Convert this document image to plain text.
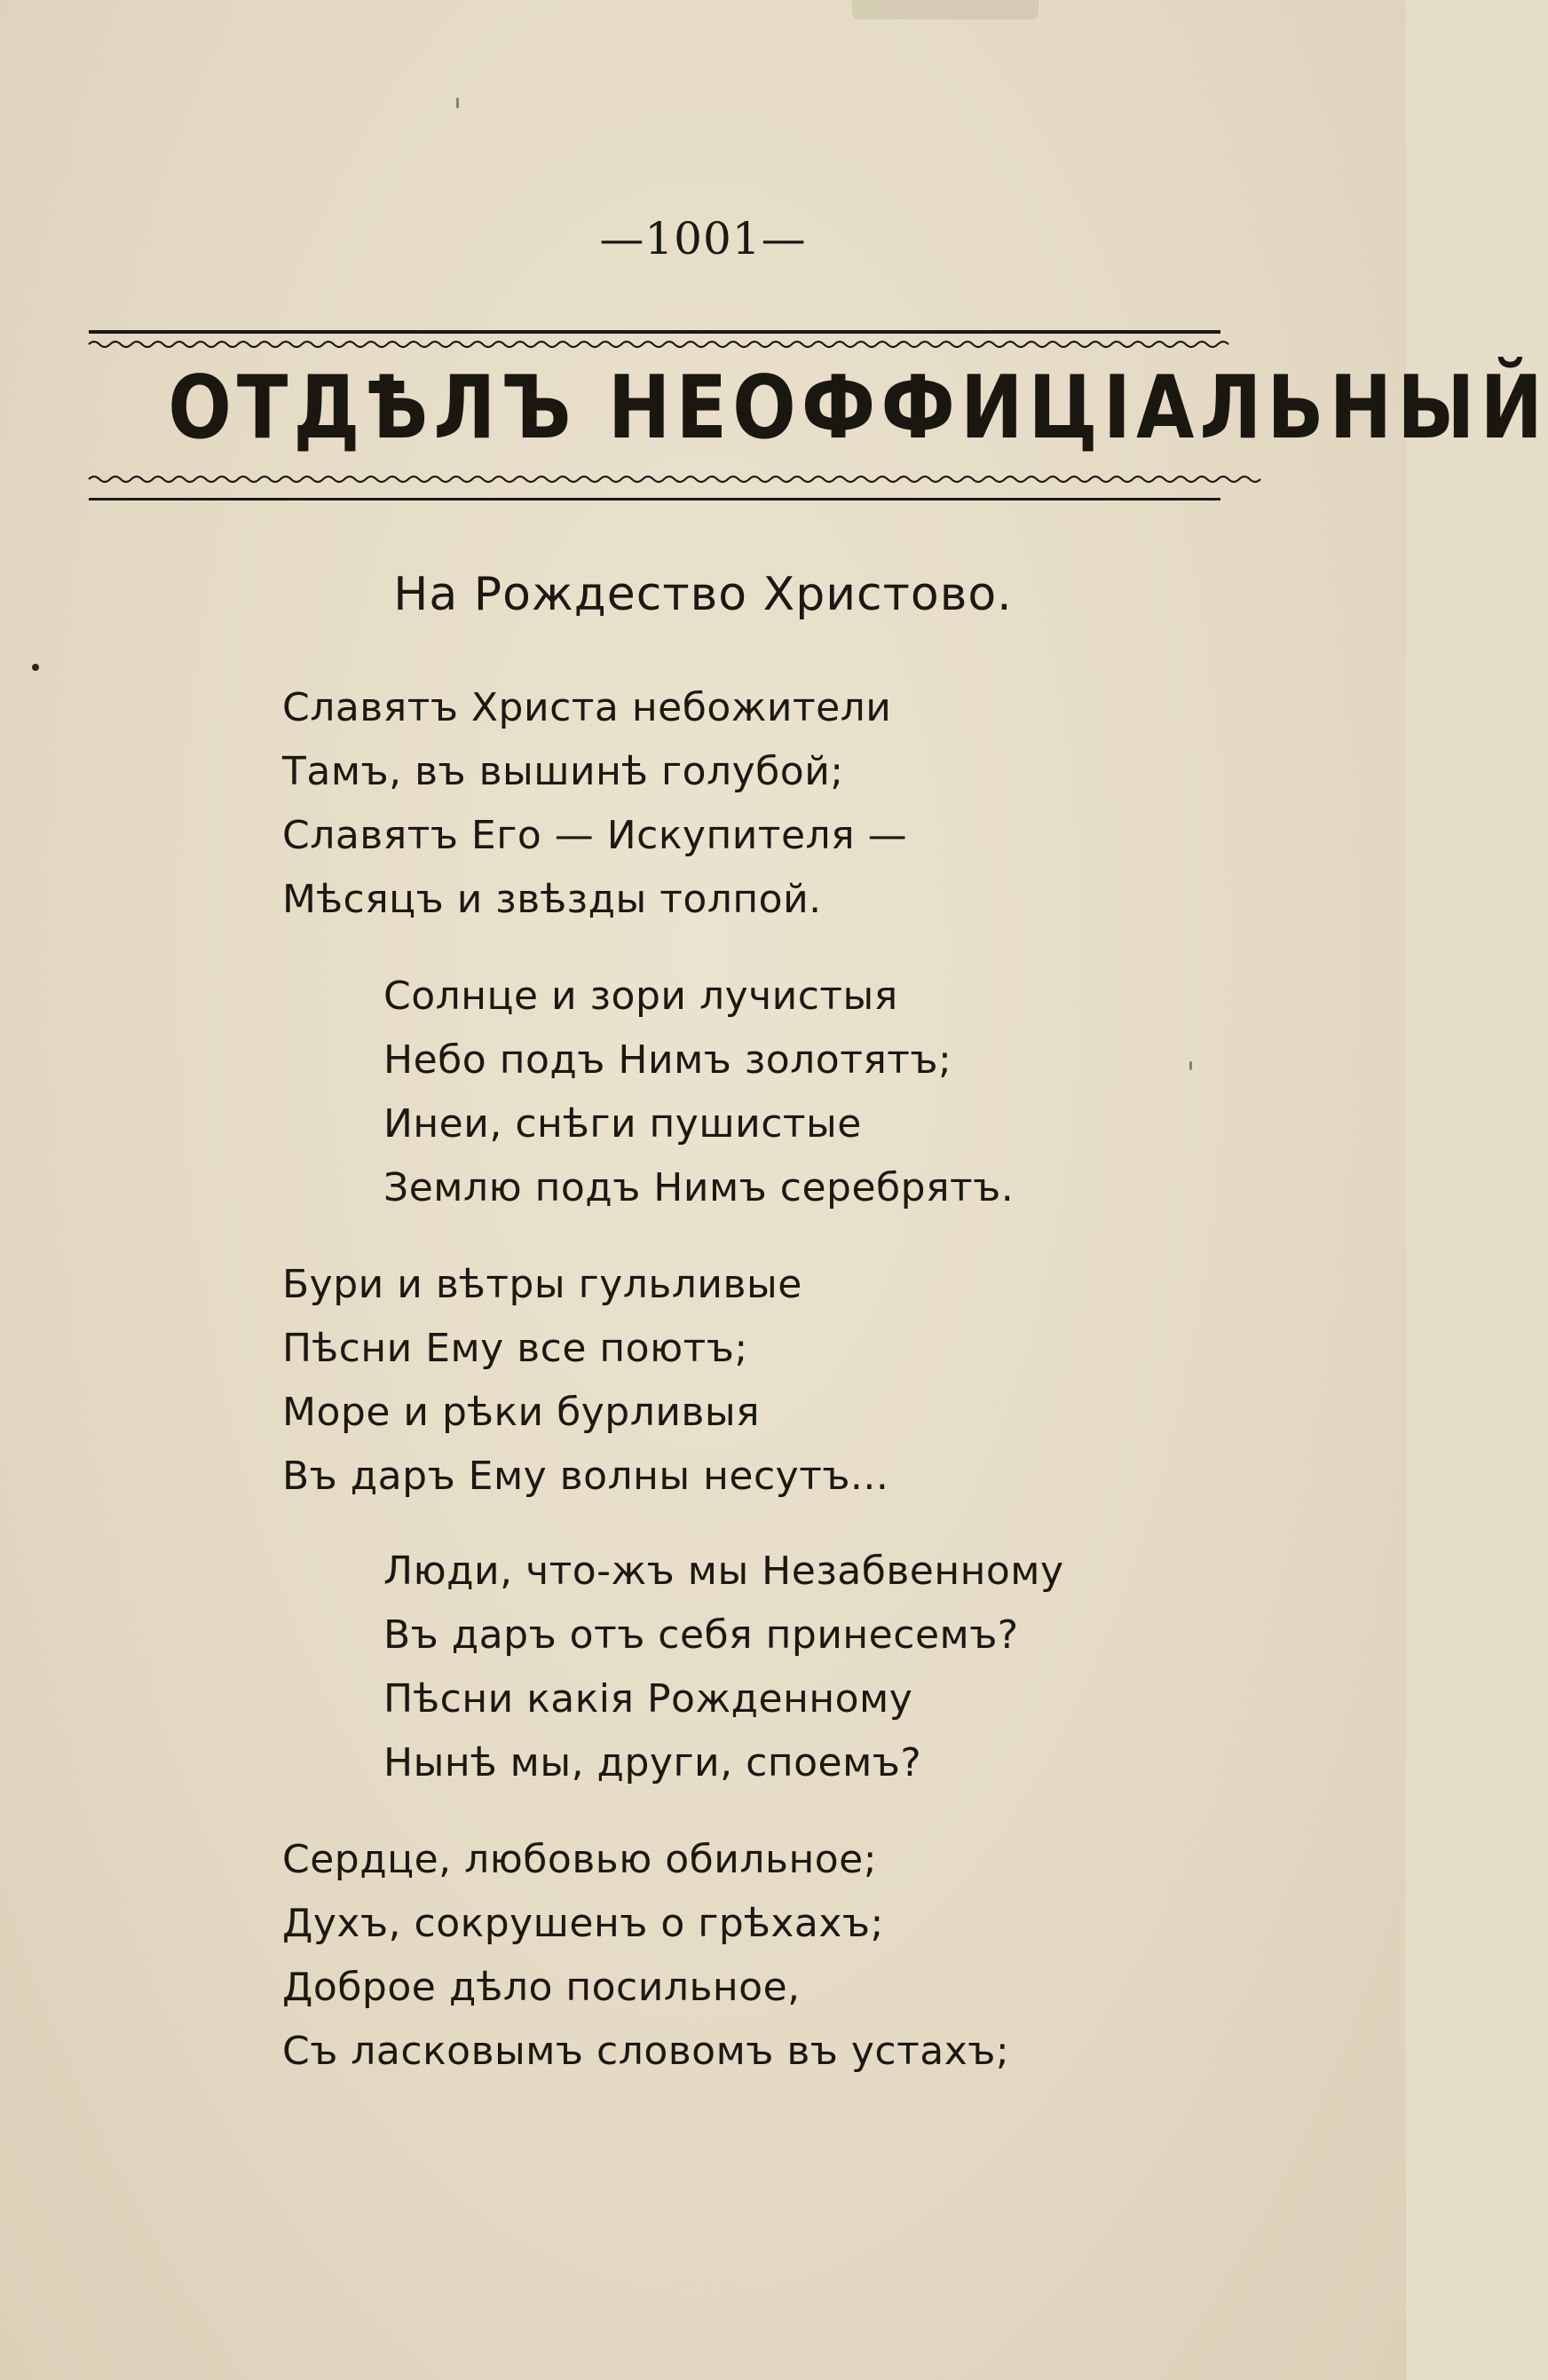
—1001—
ОТДѢЛЪ НЕОФФИЦІАЛЬНЫЙ
На Рождество Христово.
Славятъ Христа небожители
Тамъ, въ вышинѣ голубой;
Славятъ Его — Искупителя —
Мѣсяцъ и звѣзды толпой.
Солнце и зори лучистыя
Небо подъ Нимъ золотятъ;
Инеи, снѣги пушистые
Землю подъ Нимъ серебрятъ.
Бури и вѣтры гульливые
Пѣсни Ему все поютъ;
Море и рѣки бурливыя
Въ даръ Ему волны несутъ...
Люди, что-жъ мы Незабвенному
Въ даръ отъ себя принесемъ?
Пѣсни какія Рожденному
Нынѣ мы, други, споемъ?
Сердце, любовью обильное;
Духъ, сокрушенъ о грѣхахъ;
Доброе дѣло посильное,
Съ ласковымъ словомъ въ устахъ;
